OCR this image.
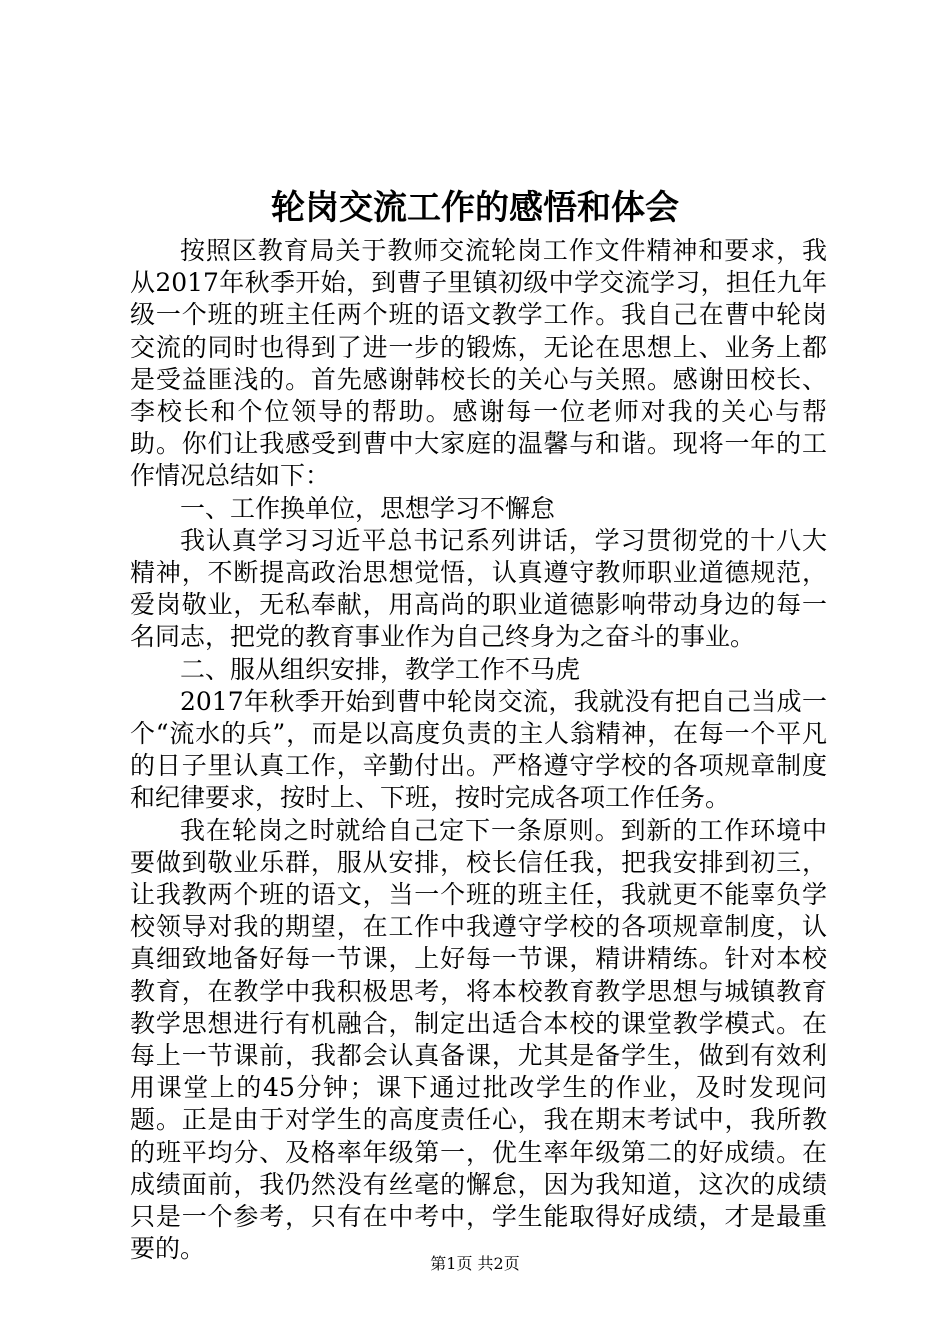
轮岗交流工作的感悟和体会

按照区教育局关于教师交流轮岗工作文件精神和要求，我从2017年秋季开始，到曹子里镇初级中学交流学习，担任九年级一个班的班主任两个班的语文教学工作。我自己在曹中轮岗交流的同时也得到了进一步的锻炼，无论在思想上、业务上都是受益匪浅的。首先感谢韩校长的关心与关照。感谢田校长、李校长和个位领导的帮助。感谢每一位老师对我的关心与帮助。你们让我感受到曹中大家庭的温馨与和谐。现将一年的工作情况总结如下：

一、工作换单位，思想学习不懈怠

我认真学习习近平总书记系列讲话，学习贯彻党的十八大精神，不断提高政治思想觉悟，认真遵守教师职业道德规范，爱岗敬业，无私奉献，用高尚的职业道德影响带动身边的每一名同志，把党的教育事业作为自己终身为之奋斗的事业。

二、服从组织安排，教学工作不马虎

2017年秋季开始到曹中轮岗交流，我就没有把自己当成一个“流水的兵”，而是以高度负责的主人翁精神，在每一个平凡的日子里认真工作，辛勤付出。严格遵守学校的各项规章制度和纪律要求，按时上、下班，按时完成各项工作任务。

我在轮岗之时就给自己定下一条原则。到新的工作环境中要做到敬业乐群，服从安排，校长信任我，把我安排到初三，让我教两个班的语文，当一个班的班主任，我就更不能辜负学校领导对我的期望，在工作中我遵守学校的各项规章制度，认真细致地备好每一节课，上好每一节课，精讲精练。针对本校教育，在教学中我积极思考，将本校教育教学思想与城镇教育教学思想进行有机融合，制定出适合本校的课堂教学模式。在每上一节课前，我都会认真备课，尤其是备学生，做到有效利用课堂上的45分钟；课下通过批改学生的作业，及时发现问题。正是由于对学生的高度责任心，我在期末考试中，我所教的班平均分、及格率年级第一，优生率年级第二的好成绩。在成绩面前，我仍然没有丝毫的懈怠，因为我知道，这次的成绩只是一个参考，只有在中考中，学生能取得好成绩，才是最重要的。

第1页 共2页
